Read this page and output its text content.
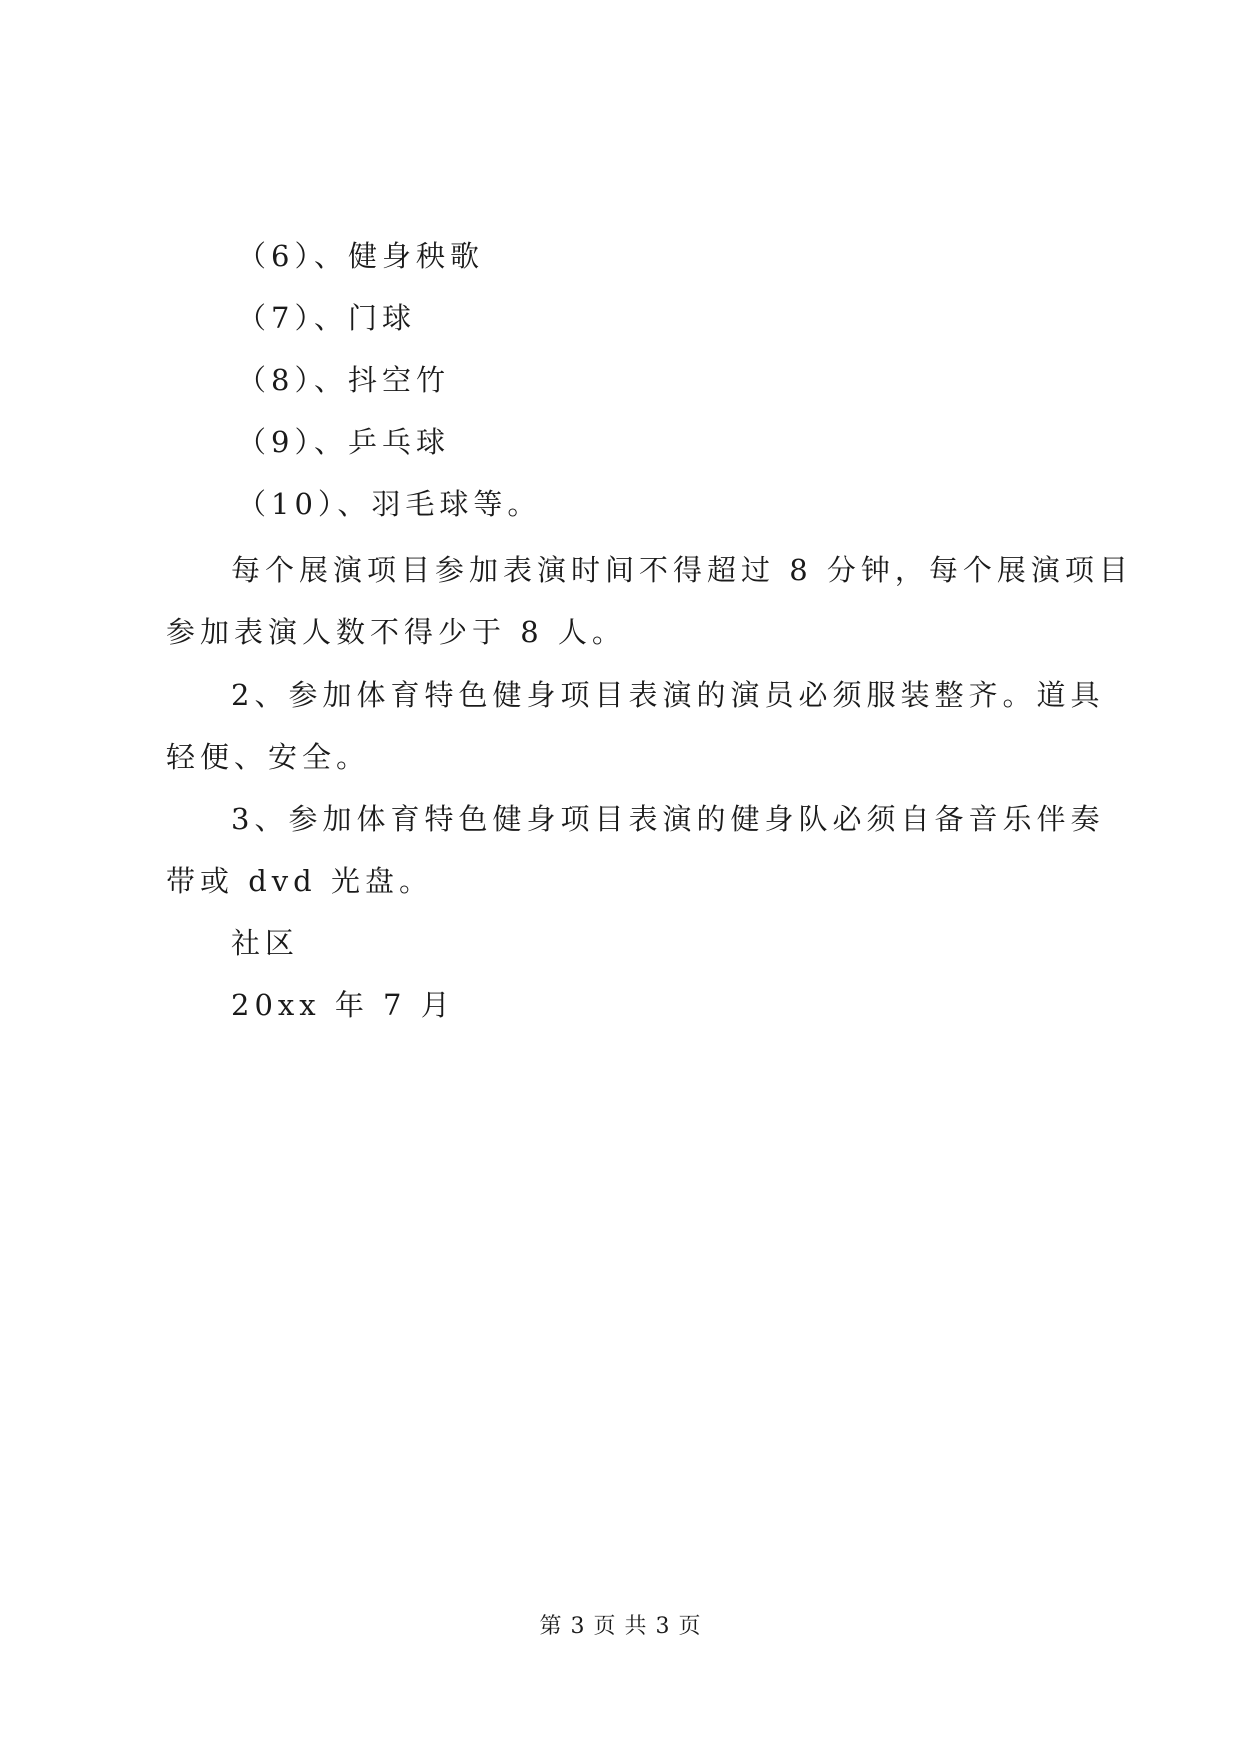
（6）、健身秧歌
（7）、门球
（8）、抖空竹
（9）、乒乓球
（10）、羽毛球等。
每个展演项目参加表演时间不得超过 8 分钟，每个展演项目
参加表演人数不得少于 8 人。
2、参加体育特色健身项目表演的演员必须服装整齐。道具
轻便、安全。
3、参加体育特色健身项目表演的健身队必须自备音乐伴奏
带或 dvd 光盘。
社区
20xx 年 7 月
第 3 页 共 3 页
